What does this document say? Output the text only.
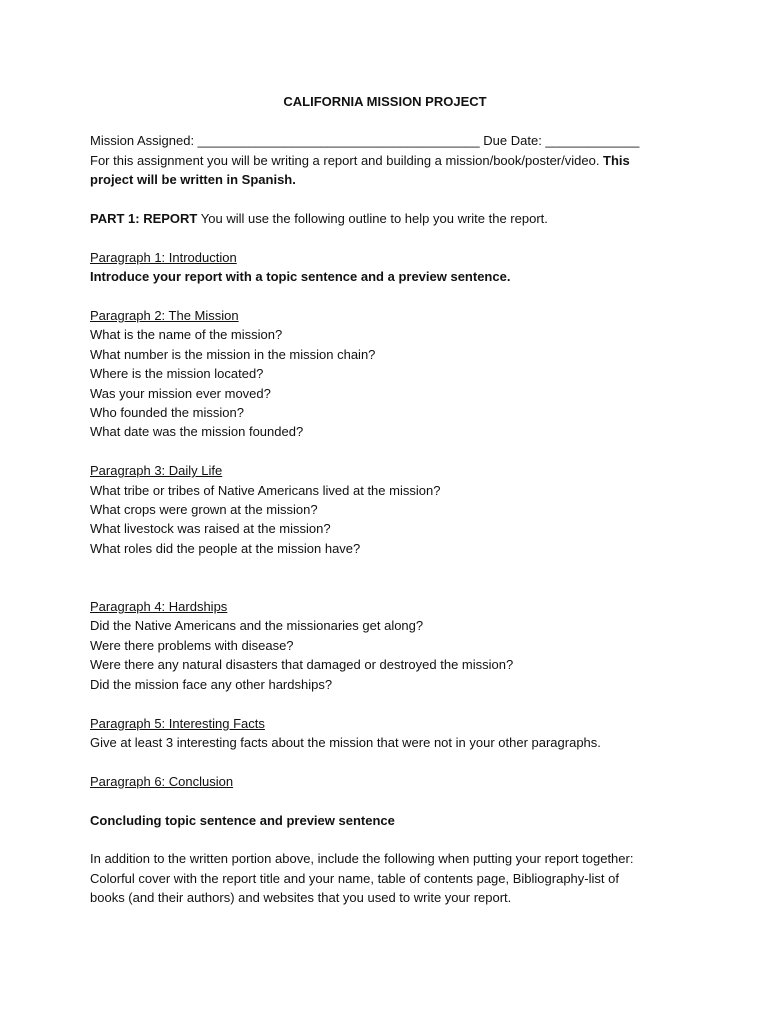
CALIFORNIA MISSION PROJECT

Mission Assigned: _______________________________________ Due Date: _____________

For this assignment you will be writing a report and building a mission/book/poster/video. This

project will be written in Spanish.

PART 1: REPORT You will use the following outline to help you write the report.

Paragraph 1: Introduction

Introduce your report with a topic sentence and a preview sentence.

Paragraph 2: The Mission

What is the name of the mission?

What number is the mission in the mission chain?

Where is the mission located?

Was your mission ever moved?

Who founded the mission?

What date was the mission founded?

Paragraph 3: Daily Life

What tribe or tribes of Native Americans lived at the mission?

What crops were grown at the mission?

What livestock was raised at the mission?

What roles did the people at the mission have?

Paragraph 4: Hardships

Did the Native Americans and the missionaries get along?

Were there problems with disease?

Were there any natural disasters that damaged or destroyed the mission?

Did the mission face any other hardships?

Paragraph 5: Interesting Facts

Give at least 3 interesting facts about the mission that were not in your other paragraphs.

Paragraph 6: Conclusion

Concluding topic sentence and preview sentence

In addition to the written portion above, include the following when putting your report together:

Colorful cover with the report title and your name, table of contents page, Bibliography-list of

books (and their authors) and websites that you used to write your report.
